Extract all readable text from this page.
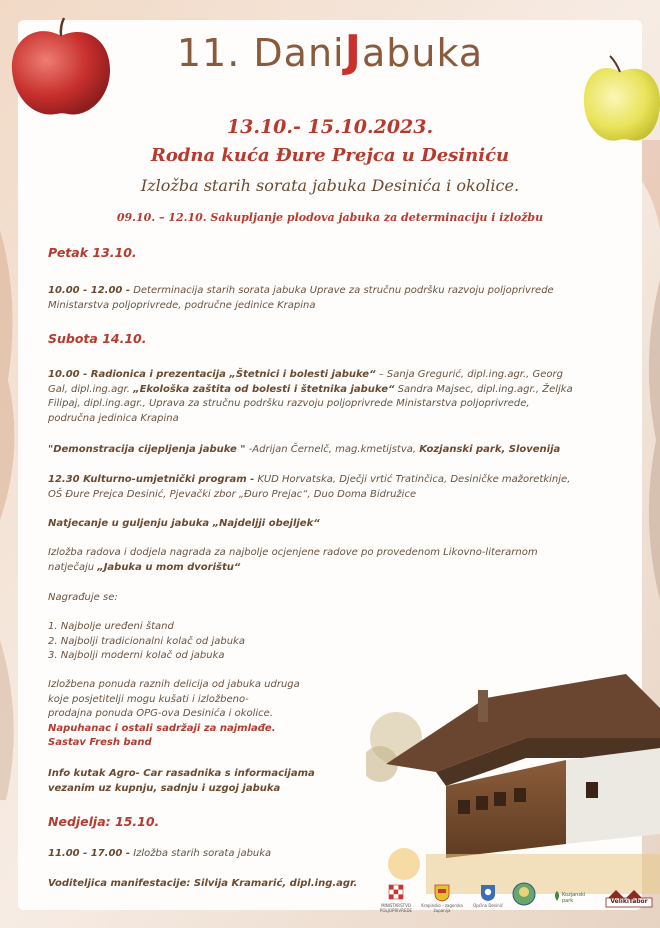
11. DaniJabuka
13.10.- 15.10.2023.
Rodna kuća Đure Prejca u Desiniću
Izložba starih sorata jabuka Desinića i okolice.
09.10. – 12.10. Sakupljanje plodova jabuka za determinaciju i izložbu
Petak 13.10.
10.00 - 12.00 - Determinacija starih sorata jabuka Uprave za stručnu podršku razvoju poljoprivrede Ministarstva poljoprivrede, područne jedinice Krapina
Subota 14.10.
10.00 - Radionica i prezentacija „Štetnici i bolesti jabuke“ – Sanja Gregurić, dipl.ing.agr., Georg Gal, dipl.ing.agr. „Ekološka zaštita od bolesti i štetnika jabuke“ Sandra Majsec, dipl.ing.agr., Željka Filipaj, dipl.ing.agr., Uprava za stručnu podršku razvoju poljoprivrede Ministarstva poljoprivrede, područna jedinica Krapina
"Demonstracija cijepljenja jabuke " -Adrijan Černelč, mag.kmetijstva, Kozjanski park, Slovenija
12.30 Kulturno-umjetnički program - KUD Horvatska, Dječji vrtić Tratinčica, Desiničke mažoretkinje, OŠ Đure Prejca Desinić, Pjevački zbor „Đuro Prejac“, Duo Doma Bidružice
Natjecanje u guljenju jabuka „Najdeljji obejljek“
Izložba radova i dodjela nagrada za najbolje ocjenjene radove po provedenom Likovno-literarnom natječaju „Jabuka u mom dvorištu“
Nagrađuje se:
1. Najbolje uređeni štand
2. Najbolji tradicionalni kolač od jabuka
3. Najbolji moderni kolač od jabuka
Izložbena ponuda raznih delicija od jabuka udruga
koje posjetitelji mogu kušati i izložbeno-
prodajna ponuda OPG-ova Desinića i okolice.
Napuhanac i ostali sadržaji za najmlađe.
Sastav Fresh band
Info kutak Agro- Car rasadnika s informacijama
vezanim uz kupnju, sadnju i uzgoj jabuka
Nedjelja: 15.10.
11.00 - 17.00 - Izložba starih sorata jabuka
Voditeljica manifestacije: Silvija Kramarić, dipl.ing.agr.
MINISTARSTVO POLJOPRIVREDE
Krapinsko - zagorska županija
Općina Desinić
Kozjanski park	VelikiTabor
